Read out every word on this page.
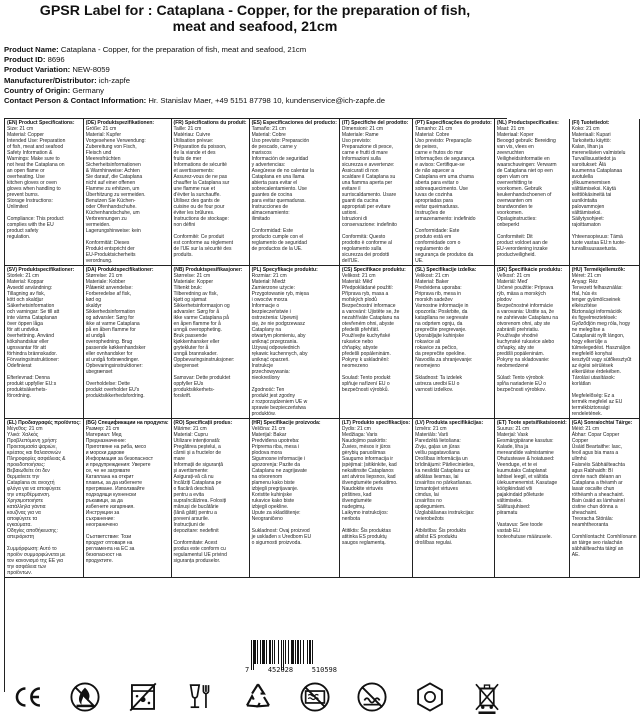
GPSR Label for : Cataplana - Copper, for the preparation of fish,
meat and seafood, 21cm
Product Name: Cataplana - Copper, for the preparation of fish, meat and seafood, 21cm
Product ID: 8696
Product Variation: NEW-8059
Manufacturer/Distributor: ich-zapfe
Country of Origin: Germany
Contact Person & Contact Information: Hr. Stanislav Maer, +49 5151 87798 10, kundenservice@ich-zapfe.de
(EN) Product Specifications:
Size: 21 cm
Material: Copper
Intended Use: Preparation
of fish, meat and seafood
Safety Information &
Warnings: Make sure to
not heat the Cataplana on
an open flame or
overheating. Use
kitchen gloves or oven
gloves when handling to
prevent burns.
Storage Instructions:
Unlimited

Compliance: This product
complies with the EU
product safety
regulation.
(DE) Produktspezifikationen:
Größe: 21 cm
Material: Kupfer
Vorgesehene Verwendung:
Zubereitung von Fisch,
Fleisch und
Meeresfrüchten
Sicherheitsinformationen
& Warnhinweise: Achten
Sie darauf, die Cataplana
nicht auf einer offenen
Flamme zu erhitzen, um
Überhitzung zu vermeiden.
Benutzen Sie Küchen-
oder Ofenhandschuhe.
Küchenhandschuhe, um
Verbrennungen zu
vermeiden.
Lagerungshinweise: kein

Konformität: Dieses
Produkt entspricht der
EU-Produktsicherheits
verordnung.
(FR) Spécifications du produit:
Taille: 21 cm
Matériau: Cuivre
Utilisation prévue:
Préparation du poisson,
de la viande et des
fruits de mer
Informations de sécurité
et avertissements:
Assurez-vous de ne pas
chauffer la Cataplana sur
une flamme nue et
d'éviter la surchauffe.
Utilisez des gants de
cuisine ou de four pour
éviter les brûlures.
Instructions de stockage:
non défini

Conformité: Ce produit
est conforme au règlement
de l'UE sur la sécurité des
produits.
(ES) Especificaciones del producto:
Tamaño: 21 cm
Material: Cobre
Uso previsto: Preparación
de pescado, carne y
mariscos
Información de seguridad
y advertencias:
Asegúrese de no calentar la
Cataplana en una llama
abierta para evitar el
sobrecalentamiento. Use
guantes de cocina
para evitar quemaduras.
Instrucciones de
almacenamiento:
ilimitado

Conformidad: Este
producto cumple con el
reglamento de seguridad
de productos de la UE.
(IT) Specifiche del prodotto:
Dimensioni: 21 cm
Materiale: Rame
Uso previsto:
Preparazione di pesce,
carne e frutti di mare
Informazioni sulla
sicurezza e avvertenze:
Assicurati di non
scaldare il Cataplana su
una fiamma aperta per
evitare il
surriscaldamento. Usare
guanti da cucina
appropriati per evitare
ustioni.
Istruzioni di
conservazione: indefinito

Conformità: Questo
prodotto è conforme al
regolamento sulla
sicurezza dei prodotti
dell'UE.
(PT) Especificações do produto:
Tamanho: 21 cm
Material: Cobre
Uso previsto: Preparação
de peixes,
carne e frutos do mar
Informações de segurança
e avisos: Certifique-se
de não aquecer a
Cataplana em uma chama
aberta para evitar o
sobreaquecimento. Use
luvas de cozinha
apropriadas para
evitar queimaduras.
Instruções de
armazenamento: indefinido

Conformidade: Este
produto está em
conformidade com o
regulamento de
segurança de produtos da
UE.
(NL) Productspecificaties:
Maat: 21 cm
Materiaal: Koper
Beoogd gebruik: Bereiding
van vis, vlees en
zeevruchten
Veiligheidsinformatie en
waarschuwingen: Verwarm
de Cataplana niet op een
open vlam om
oververhitting te
voorkomen. Gebruik
keukenhandschoenen of
ovenwanten om
brandwonden te
voorkomen.
Opslaginstructies:
onbeperkt

Conformiteit: Dit
product voldoet aan de
EU-verordening inzake
productveiligheid.
(FI) Tuotetiedot:
Koko: 21 cm
Materiaali: Kupari
Tarkoitettu käyttö:
Kalan, lihan ja
merenelävien valmistelu
Turvallisuustiedot ja
varoitukset: Älä
kuumenna Cataplanaa
avotulella
ylikuumenemisen
välttämiseksi. Käytä
keittiökäsineitä tai
uunikintaita
palovammojen
välttämiseksi.
Säilytysohjeet:
rajoittamaton

Yhteensopivuus: Tämä
tuote vastaa EU:n tuote-
turvallisuusasetusta.
(SV) Produktspecifikationer:
Storlek: 21 cm
Material: Koppar
Avsedd användning:
Tillagning av fisk,
kött och skaldjur
Säkerhetsinformation
och varningar: Se till att
inte värma Cataplanan
över öppen låga
för att undvika
överhettning. Använd
kökshandskar eller
ugnsvantar för att
förhindra brännskador.
Förvaringsinstruktioner:
Odefinierat

Efterlevnad: Denna
produkt uppfyller EU:s
produktsäkerhets-
förordning.
(DA) Produktspecifikationer:
Størrelse: 21 cm
Materiale: Kobber
Påtænkt anvendelse:
Forberedelse af fisk,
kød og
skaldyr
Sikkerhedsinformation
og advarsler: Sørg for
ikke at varme Cataplana
på en åben flamme for
at undgå
overophedning. Brug
passende køkkenhandsker
eller ovnhandsker for
at undgå forbrændinger.
Opbevaringsinstruktioner:
ubegrænset

Overholdelse: Dette
produkt overholder EU's
produktsikkerhedsfordring.
(NB) Produktspesifikasjoner:
Størrelse: 21 cm
Materiale: Kopper
Tiltenkt bruk:
Tilberedning av fisk,
kjøtt og sjømat
Sikkerhetsinformasjon og
advarsler: Sørg for å
ikke varme Cataplana på
en åpen flamme for å
unngå overoppheting.
Bruk passende
kjøkkenhansker eller
grytekluter for å
unngå brannskader.
Oppbevaringsinstruksjoner:
ubegrenset

Samsvar: Dette produktet
oppfyller EUs
produktsikkerhets-
forskrift.
(PL) Specyfikacje produktu:
Rozmiar: 21 cm
Materiał: Miedź
Zamierzone użycie:
Przygotowanie ryb, mięsa
i owoców morza
Informacje o
bezpieczeństwie i
ostrzeżenia: Upewnij
się, że nie podgrzewasz
Cataplany na
otwartym płomieniu, aby
uniknąć przegrzania.
Używaj odpowiednich
rękawic kuchennych, aby
uniknąć oparzeń.
Instrukcje
przechowywania:
nieokreślony

Zgodność: Ten
produkt jest zgodny
z rozporządzeniem UE w
sprawie bezpieczeństwa
produktów.
(CS) Specifikace produktu:
Velikost: 21 cm
Materiál: Měď
Předpokládané použití:
Příprava ryb, masa a
mořských plodů
Bezpečnostní informace
a varování: Ujistěte se, že
nezahříváte Cataplanu na
otevřeném ohni, abyste
předešli přehřátí.
Používejte kuchyňské
rukavice nebo
chňapky, abyste
předešli popáleninám.
Pokyny k uskladnění:
neomezeno

Soulad: Tento produkt
splňuje nařízení EU o
bezpečnosti výrobků.
(SL) Specifikacije izdelka:
Velikost: 21 cm
Material: Baker
Predvidena uporaba:
Priprava rib, mesa in
morskih sadežev
Varnostne informacije in
opozorila: Poskrbite, da
katapllana ne segrevate
na odprtem ognju, da
preprečite pregrevanje.
Uporabljajte kuhinjske
rokavice ali
rokavice za pečico,
da preprečite opekline.
Navodila za shranjevanje:
neomejeno

Skladnost: Ta izdelek
ustreza uredbi EU o
varnosti izdelkov.
(SK) Špecifikácie produktu:
Veľkosť: 21 cm
Materiál: Meď
Určené použitie: Príprava
rýb, mäsa a morských
plodov
Bezpečnostné informácie
a varovania: Uistite sa, že
ne zahrievate Cataplanu na
otvorenom ohni, aby ste
zabránili prehriatiu.
Používajte vhodné
kuchynské rukavice alebo
chňapky, aby ste
predišli popáleninám.
Pokyny na skladovanie:
neobmedzené

Súlad: Tento výrobok
spĺňa nariadenie EÚ o
bezpečnosti výrobkov.
(HU) Termékjellemzők:
Méret: 21 cm
Anyag: Réz
Tervezett felhasználás:
Hal, hús és
tenger gyümölcseinek
elkészítése
Biztonsági információk
és figyelmeztetések:
Győződjön meg róla, hogy
ne melegítse a
Cataplanát nyílt lángon,
hogy elkerülje a
túlmelegedést. Használjon
megfelelő konyhai
kesztyűt vagy sütőkesztyűt
az égési sérülések
elkerülése érdekében.
Tárolási utasítások:
korlátlan

Megfelelőség: Ez a
termék megfelel az EU
termékbiztonsági
rendeletének.
(EL) Προδιαγραφές προϊόντος:
Μέγεθος: 21 cm
Υλικό: Χαλκός
Προβλεπόμενη χρήση:
Προετοιμασία ψαριών,
κρέατος και θαλασσινών
Πληροφορίες ασφάλειας &
προειδοποιήσεις:
Βεβαιωθείτε ότι δεν
θερμαίνετε την
Cataplana σε ανοιχτή
φλόγα για να αποφύγετε
την υπερθέρμανση.
Χρησιμοποιήστε
κατάλληλα γάντια
κουζίνας για να
αποφύγετε τα
εγκαύματα.
Οδηγίες αποθήκευσης:
απεριόριστη

Συμμόρφωση: Αυτό το
προϊόν συμμορφώνεται με
τον κανονισμό της ΕΕ για
την ασφάλεια των
προϊόντων.
(BG) Спецификации на продукта:
Размер: 21 cm
Материал: Мед
Предназначение:
Приготвяне на риба, месо
и морски дарове
Информация за безопасност
и предупреждения: Уверете
се, че не загрявате
Катаплана на открит
пламък, за да избегнете
прегряване. Използвайте
подходящи кухненски
ръкавици, за да
избегнете изгаряния.
Инструкции за
съхранение:
неограничено

Съответствие: Този
продукт отговаря на
регламента на ЕС за
безопасност на
продуктите.
(RO) Specificații produs:
Mărime: 21 cm
Material: Cupru
Utilizare intenționată:
Pregătirea peștelui, a
cărnii și a fructelor de
mare
Informații de siguranță
și avertismente:
Asigurați-vă că nu
încălziți Cataplana pe
o flacără deschisă
pentru a evita
supraîncălzirea. Folosiți
mănuși de bucătărie
(lână gătit) pentru a
preveni arsurile.
Instrucțiuni de
depozitare: nedefinit

Conformitate: Acest
produs este conform cu
regulamentul UE privind
siguranța produselor.
(HR) Specifikacije proizvoda:
Veličina: 21 cm
Materijal: Bakar
Predviđena upotreba:
Priprema riba, mesa i
plodova mora
Sigurnosne informacije i
upozorenja: Pazite da
Cataplanu ne zagrijavate
na otvorenom
plamenu kako biste
izbjegli pregrijavanje.
Koristite kuhinjske
rukavice kako biste
izbjegli opekline.
Upute za skladištenje:
Neograničeno

Sukladnost: Ovaj proizvod
je usklađen s Uredbom EU
o sigurnosti proizvoda.
(LT) Produkto specifikacijos:
Dydis: 21 cm
Medžiaga: Varis
Naudojimo paskirtis:
Žuvies, mėsos ir jūros
gėrybių paruošimas
Saugumo informacija ir
įspėjimai: Įsitikinkite, kad
nekaitinsite Cataplanos
ant atviros liepsnos, kad
išvengtumėte perkaitimo.
Naudokite virtuvės
pirštines, kad
išvengtumėte
nudegimų.
Laikymo instrukcijos:
neribota

Atitiktis: Šis produktas
atitinka ES produktų
saugos reglamentą.
(LV) Produkta specifikācijas:
Izmērs: 21 cm
Materiāls: Varš
Paredzētā lietošana:
Zivju, gaļas un jūras
velšu pagatavošana
Drošības informācija un
brīdinājumi: Pārliecinieties,
ka nesildāt Cataplanu uz
atklātas liesmas, lai
izvairītos no pārkaršanas.
Izmantojiet virtuves
cimdus, lai
izvairītos no
apdegumiem.
Uzglabāšanas instrukcijas:
neierobežots

Atbilstība: Šis produkts
atbilst ES produktu
drošības regulai.
(ET) Toote spetsifikatsioonid:
Suurus: 21 cm
Materjal: Vask
Eesmärgipärane kasutus:
Kalade, liha ja
mereandide valmistamine
Ohutusteave & hoiatused:
Veenduge, et te ei
kuumutaks Cataplanat
lahtisel leegil, et vältida
ülekuumenemist. Kasutage
köögikindaid või
pajakindaid põletuste
vältimiseks.
Säilitusjuhised:
piiramatu

Vastavus: See toode
vastab ELi
tooteohutuse määrusele.
(GA) Sonraíochtaí Táirge:
Méid: 21 cm
Ábhar: Copar Copper
Copper
Úsáid Beartaithe: Iasc,
feoil agus bia mara a
ullmhú
Faisnéis Sábháilteachta
agus Rabhaidh: Bí
cinnte nach dtéann an
Cataplana a théamh ar
lasair oscailte chun
róthéamh a sheachaint.
Bain úsáid as lámhainní
cistine chun dónna a
sheachaint.
Treoracha Stórála:
neamhtheoranta

Comhlíontacht: Comhlíonann
an táirge seo rialachán
sábháilteachta táirgí an
AE.
7	452028	510598
